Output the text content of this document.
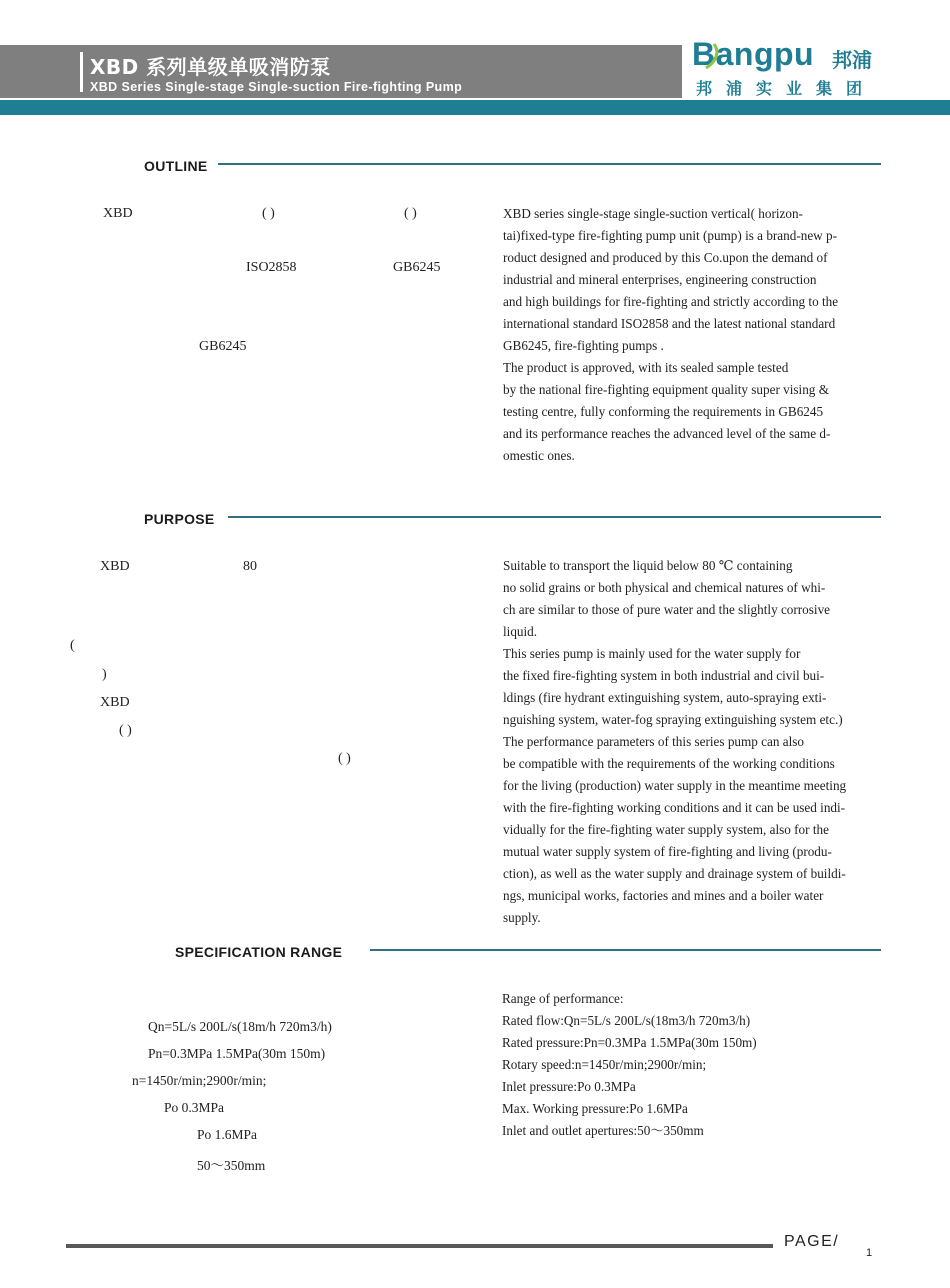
XBD 系列单级单吸消防泵
XBD Series Single-stage Single-suction Fire-fighting Pump
Bangpu 邦浦
邦浦实业集团
OUTLINE
XBD	( )	( )
ISO2858	GB6245
GB6245

XBD series single-stage single-suction vertical( horizon-

tai)fixed-type fire-fighting pump unit (pump) is a brand-new p-

roduct designed and produced by this Co.upon the demand of

industrial and mineral enterprises, engineering construction

and high buildings for fire-fighting and strictly according to the

international standard ISO2858 and the latest national standard

GB6245, fire-fighting pumps .

The product is approved, with its sealed sample tested

by the national fire-fighting equipment quality super vising &

testing centre, fully conforming the requirements in GB6245

and its performance reaches the advanced level of the same d-

omestic ones.

PURPOSE
XBD	80
(
)
XBD
( )
( )

Suitable to transport the liquid below 80 ℃ containing

no solid grains or both physical and chemical natures of whi-

ch are similar to those of pure water and the slightly corrosive

liquid.

This series pump is mainly used for the water supply for

the fixed fire-fighting system in both industrial and civil bui-

ldings (fire hydrant extinguishing system, auto-spraying exti-

nguishing system, water-fog spraying extinguishing system etc.)

The performance parameters of this series pump can also

be compatible with the requirements of the working conditions

for the living (production) water supply in the meantime meeting

with the fire-fighting working conditions and it can be used indi-

vidually for the fire-fighting water supply system, also for the

mutual water supply system of fire-fighting and living (produ-

ction), as well as the water supply and drainage system of buildi-

ngs, municipal works, factories and mines and a boiler water

supply.

SPECIFICATION RANGE
Qn=5L/s 200L/s(18m/h 720m3/h)
Pn=0.3MPa 1.5MPa(30m 150m)
n=1450r/min;2900r/min;
Po 0.3MPa
Po 1.6MPa
50～350mm

Range of performance:

Rated flow:Qn=5L/s 200L/s(18m3/h 720m3/h)

Rated pressure:Pn=0.3MPa 1.5MPa(30m 150m)

Rotary speed:n=1450r/min;2900r/min;

Inlet pressure:Po 0.3MPa

Max. Working pressure:Po 1.6MPa

Inlet and outlet apertures:50～350mm

PAGE/
1
